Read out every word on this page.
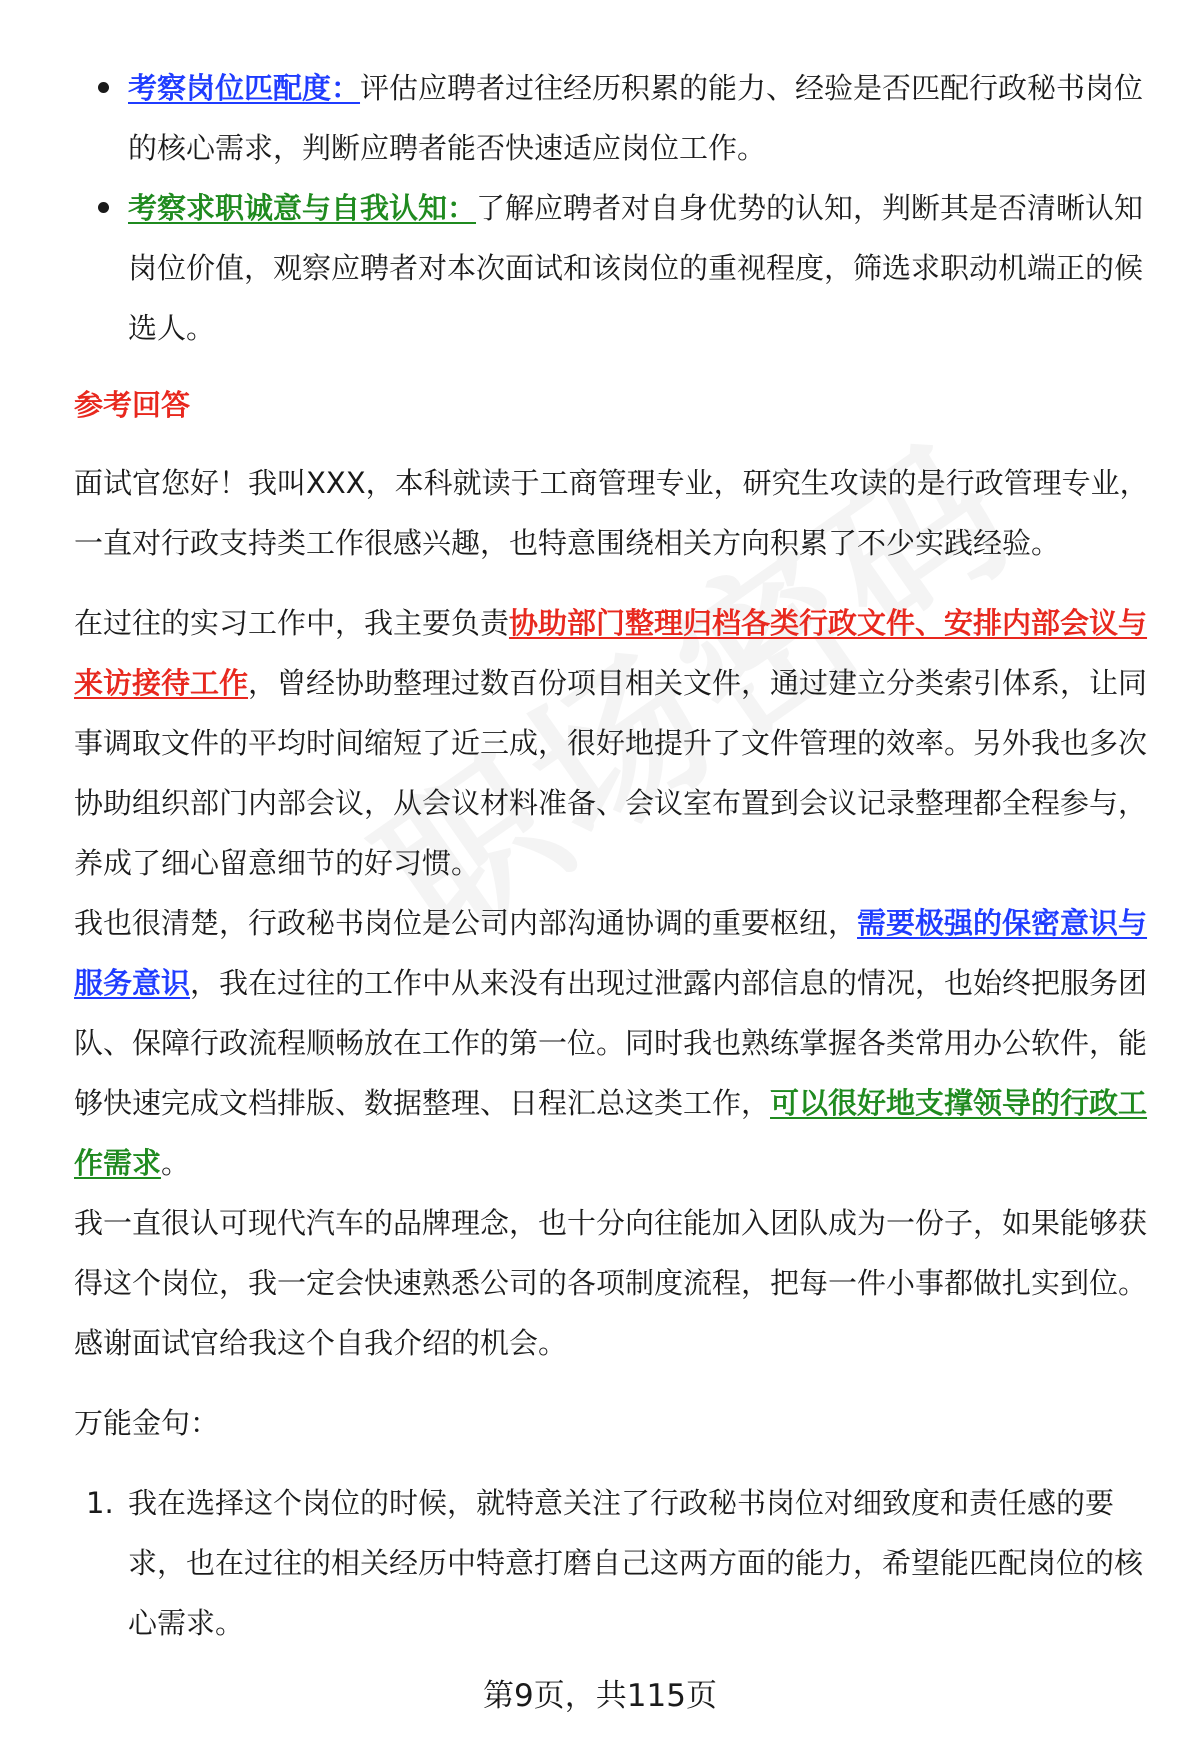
考察岗位匹配度：评估应聘者过往经历积累的能力、经验是否匹配行政秘书岗位的核心需求，判断应聘者能否快速适应岗位工作。
考察求职诚意与自我认知：了解应聘者对自身优势的认知，判断其是否清晰认知岗位价值，观察应聘者对本次面试和该岗位的重视程度，筛选求职动机端正的候选人。
参考回答

面试官您好！我叫XXX，本科就读于工商管理专业，研究生攻读的是行政管理专业，一直对行政支持类工作很感兴趣，也特意围绕相关方向积累了不少实践经验。

在过往的实习工作中，我主要负责协助部门整理归档各类行政文件、安排内部会议与来访接待工作，曾经协助整理过数百份项目相关文件，通过建立分类索引体系，让同事调取文件的平均时间缩短了近三成，很好地提升了文件管理的效率。另外我也多次协助组织部门内部会议，从会议材料准备、会议室布置到会议记录整理都全程参与，养成了细心留意细节的好习惯。

我也很清楚，行政秘书岗位是公司内部沟通协调的重要枢纽，需要极强的保密意识与服务意识，我在过往的工作中从来没有出现过泄露内部信息的情况，也始终把服务团队、保障行政流程顺畅放在工作的第一位。同时我也熟练掌握各类常用办公软件，能够快速完成文档排版、数据整理、日程汇总这类工作，可以很好地支撑领导的行政工作需求。

我一直很认可现代汽车的品牌理念，也十分向往能加入团队成为一份子，如果能够获得这个岗位，我一定会快速熟悉公司的各项制度流程，把每一件小事都做扎实到位。感谢面试官给我这个自我介绍的机会。

万能金句：

1. 我在选择这个岗位的时候，就特意关注了行政秘书岗位对细致度和责任感的要求，也在过往的相关经历中特意打磨自己这两方面的能力，希望能匹配岗位的核心需求。
第9页，共115页
